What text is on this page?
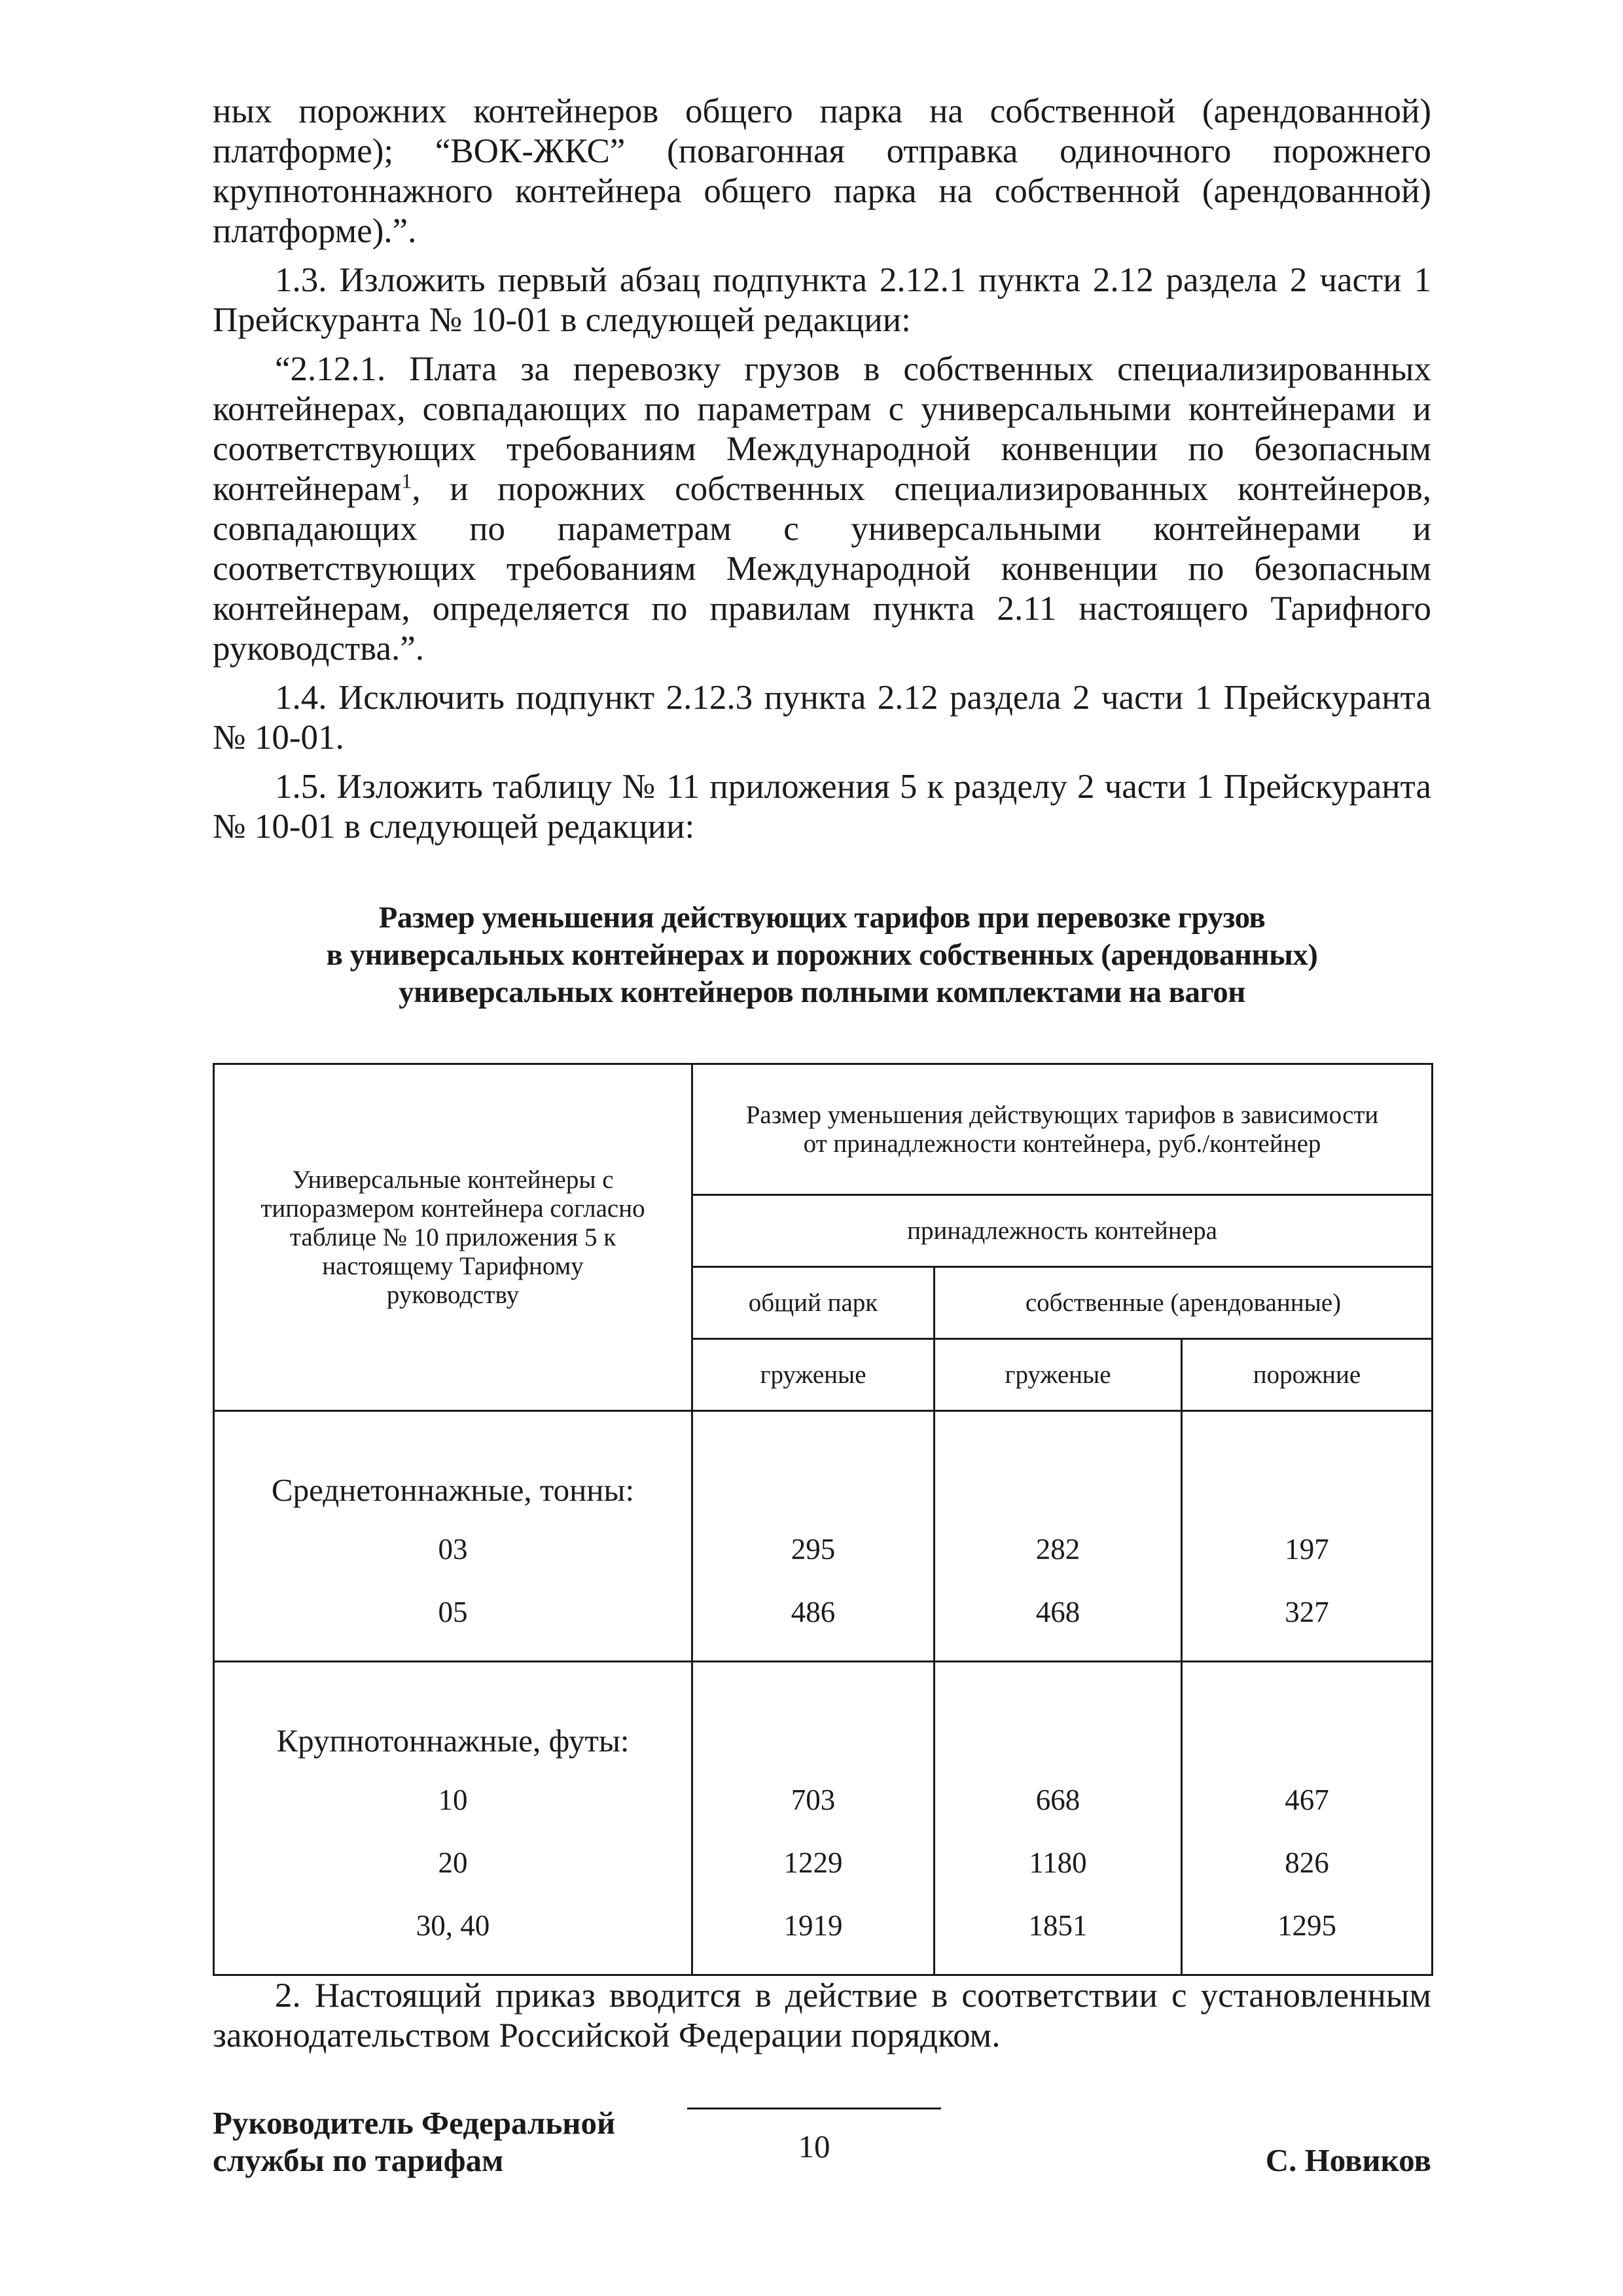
ных порожних контейнеров общего парка на собственной (арендованной) платформе); “ВОК-ЖКС” (повагонная отправка одиночного порожнего крупнотоннажного контейнера общего парка на собственной (арендованной) платформе).”.

1.3. Изложить первый абзац подпункта 2.12.1 пункта 2.12 раздела 2 части 1 Прейскуранта № 10-01 в следующей редакции:

“2.12.1. Плата за перевозку грузов в собственных специализированных контейнерах, совпадающих по параметрам с универсальными контейнерами и соответствующих требованиям Международной конвенции по безопасным контейнерам$^1$, и порожних собственных специализированных контейнеров, совпадающих по параметрам с универсальными контейнерами и соответствующих требованиям Международной конвенции по безопасным контейнерам, определяется по правилам пункта 2.11 настоящего Тарифного руководства.”.

1.4. Исключить подпункт 2.12.3 пункта 2.12 раздела 2 части 1 Прейскуранта № 10-01.

1.5. Изложить таблицу № 11 приложения 5 к разделу 2 части 1 Прейскуранта № 10-01 в следующей редакции:

Размер уменьшения действующих тарифов при перевозке грузов
в универсальных контейнерах и порожних собственных (арендованных)
универсальных контейнеров полными комплектами на вагон
Универсальные контейнеры с типоразмером контейнера согласно таблице № 10 приложения 5 к настоящему Тарифному руководству	Размер уменьшения действующих тарифов в зависимости от принадлежности контейнера, руб./контейнер		
	принадлежность контейнера		
	общий парк	собственные (арендованные)	
	груженые	груженые	порожние
Среднетоннажные, тонны:			
03	295	282	197
05	486	468	327
Крупнотоннажные, футы:			
10	703	668	467
20	1229	1180	826
30, 40	1919	1851	1295

2. Настоящий приказ вводится в действие в соответствии с установленным законодательством Российской Федерации порядком.

Руководитель Федеральной
службы по тарифам	С. Новиков
10
